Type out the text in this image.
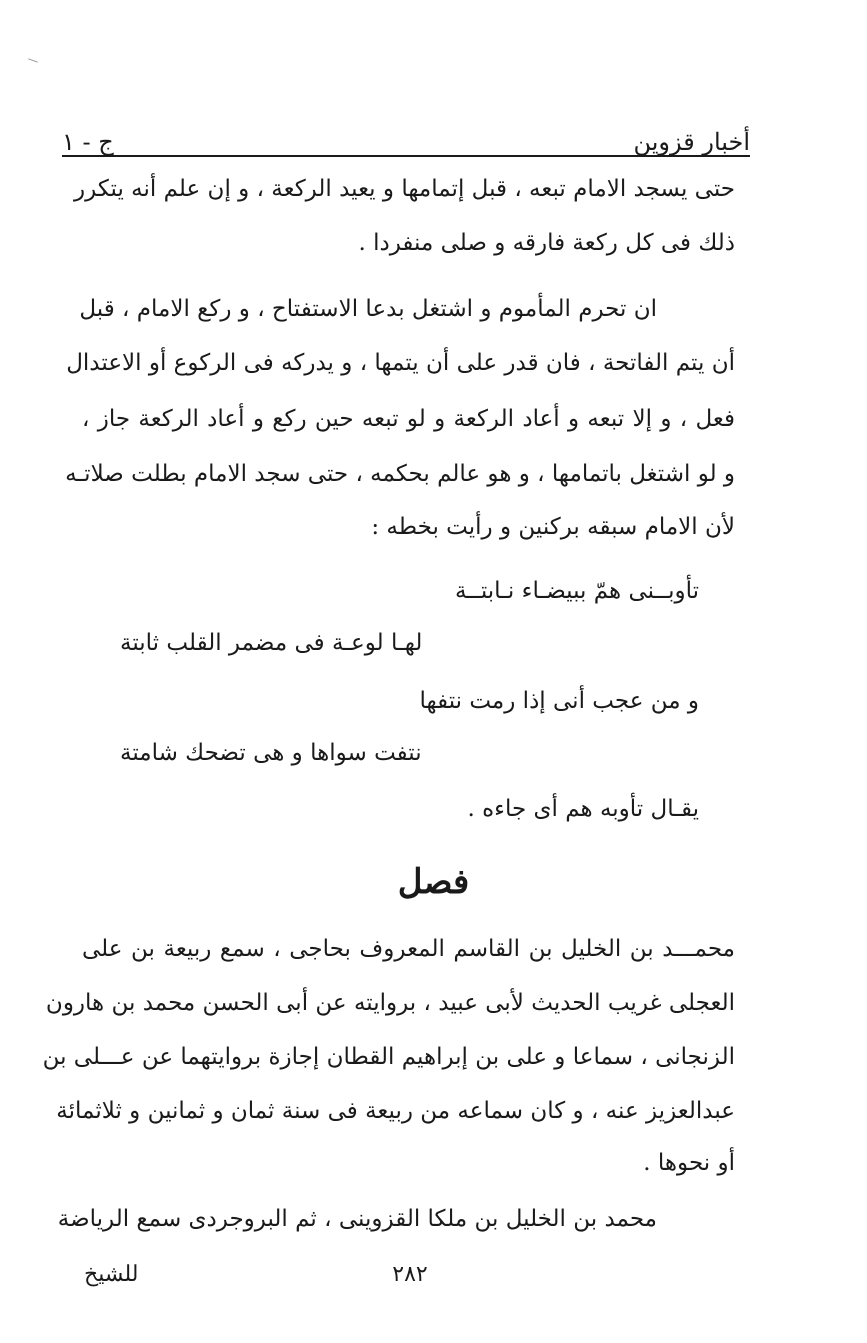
أخبار قزوين
ج - ١
حتى يسجد الامام تبعه ، قبل إتمامها و يعيد الركعة ، و إن علم أنه يتكرر
ذلك فى كل ركعة فارقه و صلى منفردا .
ان تحرم المأموم و اشتغل بدعا الاستفتاح ، و ركع الامام ، قبل
أن يتم الفاتحة ، فان قدر على أن يتمها ، و يدركه فى الركوع أو الاعتدال
فعل ، و إلا تبعه و أعاد الركعة و لو تبعه حين ركع و أعاد الركعة جاز ،
و لو اشتغل باتمامها ، و هو عالم بحكمه ، حتى سجد الامام بطلت صلاتـه
لأن الامام سبقه بركنين و رأيت بخطه :
تأوبــنى همّ ببيضـاء نـابتــة
لهـا لوعـة فى مضمر القلب ثابتة
و من عجب أنى إذا رمت نتفها
نتفت سواها و هى تضحك شامتة
يقـال تأوبه هم أى جاءه .
فصل
محمـــد بن الخليل بن القاسم المعروف بحاجى ، سمع ربيعة بن على
العجلى غريب الحديث لأبى عبيد ، بروايته عن أبى الحسن محمد بن هارون
الزنجانى ، سماعا و على بن إبراهيم القطان إجازة بروايتهما عن عـــلى بن
عبدالعزيز عنه ، و كان سماعه من ربيعة فى سنة ثمان و ثمانين و ثلاثمائة
أو نحوها .
محمد بن الخليل بن ملكا القزوينى ، ثم البروجردى سمع الرياضة
٢٨٢
للشيخ
